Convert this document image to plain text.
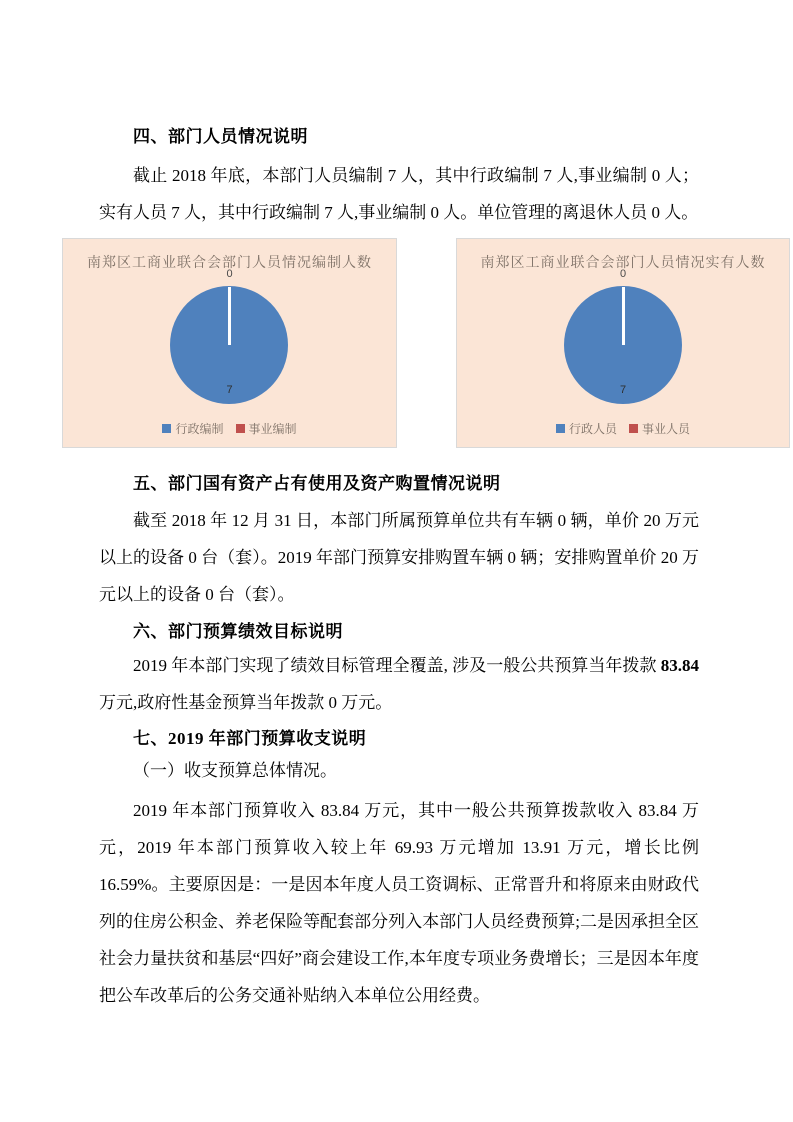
四、部门人员情况说明
截止 2018 年底，本部门人员编制 7 人，其中行政编制 7 人,事业编制 0 人；实有人员 7 人，其中行政编制 7 人,事业编制 0 人。单位管理的离退休人员 0 人。
南郑区工商业联合会部门人员情况编制人数
0
7
行政编制 事业编制
南郑区工商业联合会部门人员情况实有人数
0
7
行政人员 事业人员
五、部门国有资产占有使用及资产购置情况说明
截至 2018 年 12 月 31 日，本部门所属预算单位共有车辆 0 辆，单价 20 万元以上的设备 0 台（套）。2019 年部门预算安排购置车辆 0 辆；安排购置单价 20 万元以上的设备 0 台（套）。
六、部门预算绩效目标说明
2019 年本部门实现了绩效目标管理全覆盖, 涉及一般公共预算当年拨款 83.84 万元,政府性基金预算当年拨款 0 万元。
七、2019 年部门预算收支说明
（一）收支预算总体情况。
2019 年本部门预算收入 83.84 万元，其中一般公共预算拨款收入 83.84 万元，2019 年本部门预算收入较上年 69.93 万元增加 13.91 万元，增长比例 16.59%。主要原因是：一是因本年度人员工资调标、正常晋升和将原来由财政代列的住房公积金、养老保险等配套部分列入本部门人员经费预算;二是因承担全区社会力量扶贫和基层“四好”商会建设工作,本年度专项业务费增长；三是因本年度把公车改革后的公务交通补贴纳入本单位公用经费。
